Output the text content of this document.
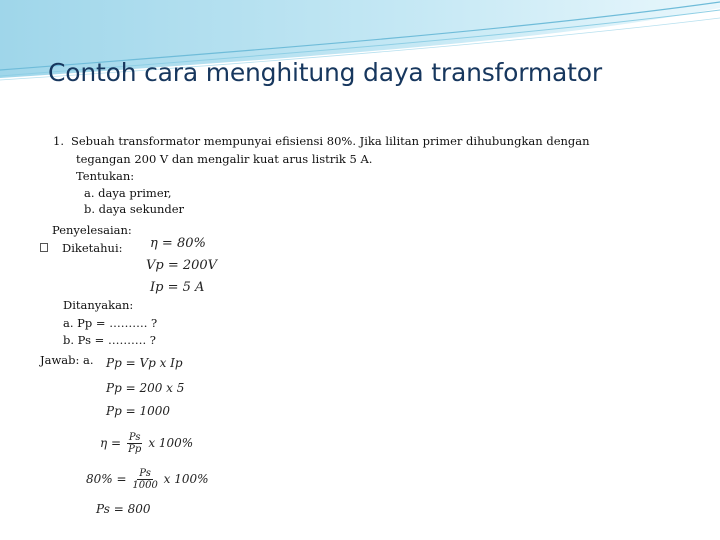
Contoh cara menghitung daya transformator
1. Sebuah transformator mempunyai efisiensi 80%. Jika lilitan primer dihubungkan dengan
tegangan 200 V dan mengalir kuat arus listrik 5 A.
Tentukan:
a. daya primer,
b. daya sekunder
Penyelesaian:
Diketahui: η = 80%
Vp = 200V
Ip = 5 A
Ditanyakan:
a. Pp = ………. ?
b. Ps = ………. ?
Jawab: a. Pp = Vp x Ip
Pp = 200 x 5
Pp = 1000
$\eta = \frac{Ps}{Pp}$ x 100%
$80\% = \frac{Ps}{1000}$ x 100%
Ps = 800
